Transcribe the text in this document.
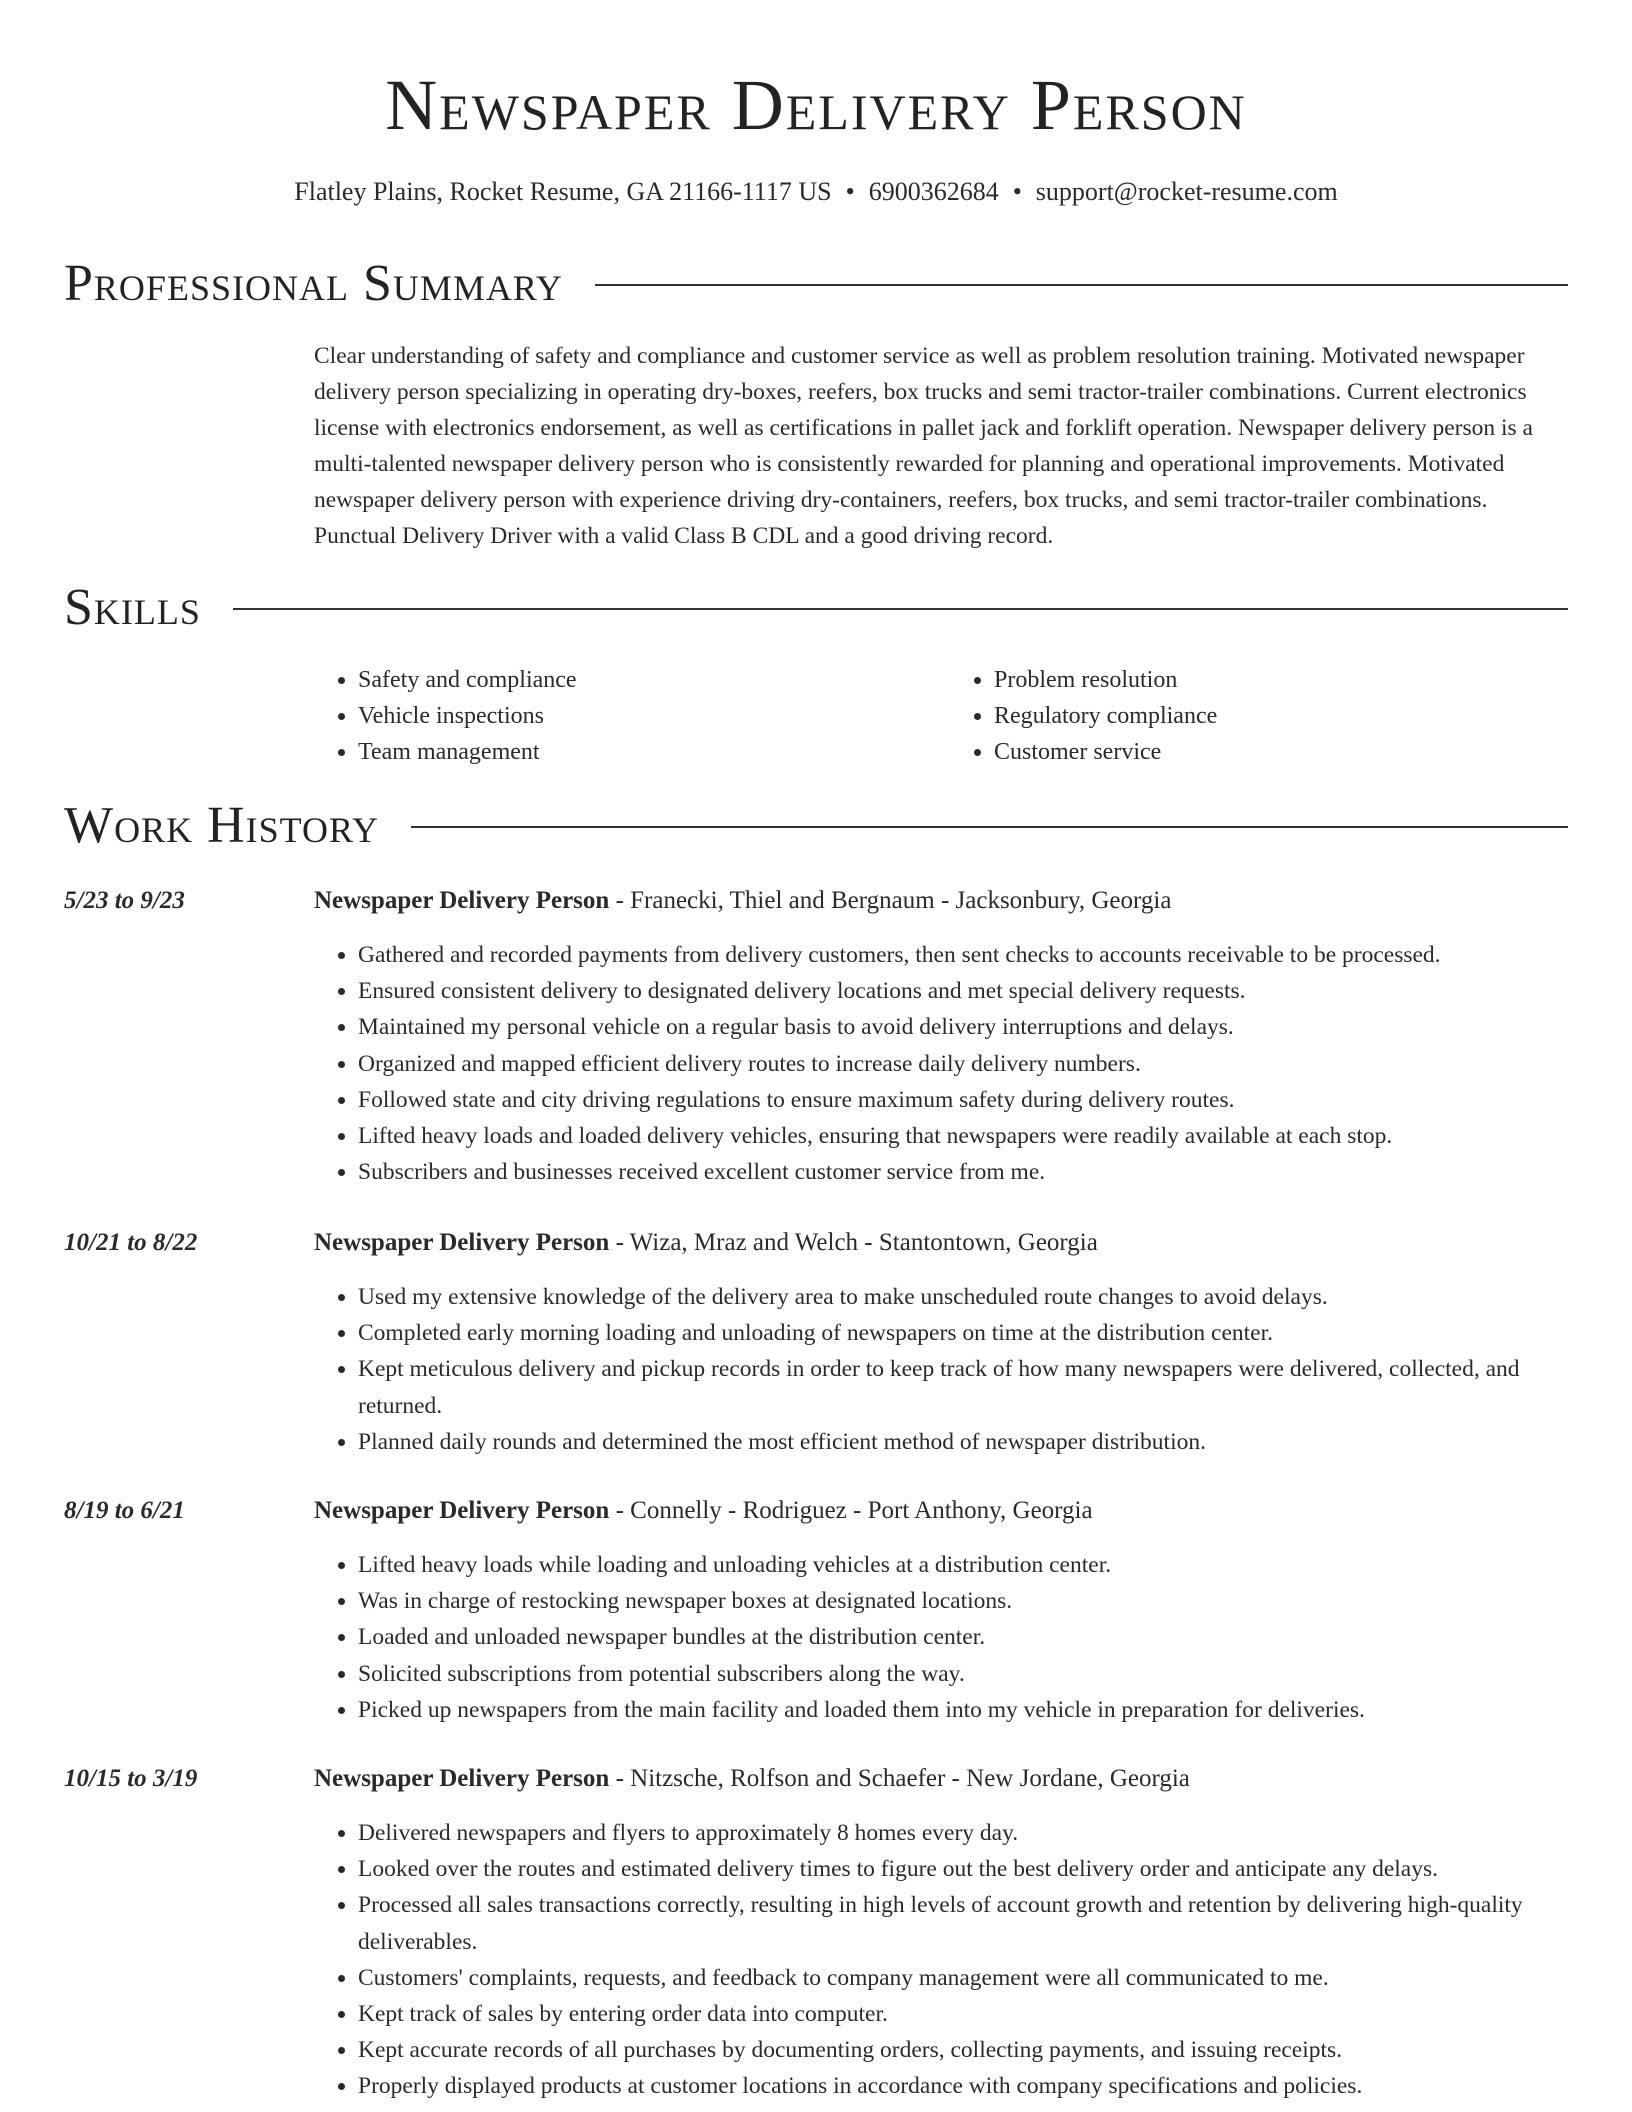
Newspaper Delivery Person
Flatley Plains, Rocket Resume, GA 21166-1117 US • 6900362684 • support@rocket-resume.com
Professional Summary
Clear understanding of safety and compliance and customer service as well as problem resolution training. Motivated newspaper delivery person specializing in operating dry-boxes, reefers, box trucks and semi tractor-trailer combinations. Current electronics license with electronics endorsement, as well as certifications in pallet jack and forklift operation. Newspaper delivery person is a multi-talented newspaper delivery person who is consistently rewarded for planning and operational improvements. Motivated newspaper delivery person with experience driving dry-containers, reefers, box trucks, and semi tractor-trailer combinations. Punctual Delivery Driver with a valid Class B CDL and a good driving record.
Skills
• Safety and compliance
• Vehicle inspections
• Team management
• Problem resolution
• Regulatory compliance
• Customer service
Work History
5/23 to 9/23	Newspaper Delivery Person - Franecki, Thiel and Bergnaum - Jacksonbury, Georgia
• Gathered and recorded payments from delivery customers, then sent checks to accounts receivable to be processed.
• Ensured consistent delivery to designated delivery locations and met special delivery requests.
• Maintained my personal vehicle on a regular basis to avoid delivery interruptions and delays.
• Organized and mapped efficient delivery routes to increase daily delivery numbers.
• Followed state and city driving regulations to ensure maximum safety during delivery routes.
• Lifted heavy loads and loaded delivery vehicles, ensuring that newspapers were readily available at each stop.
• Subscribers and businesses received excellent customer service from me.
10/21 to 8/22	Newspaper Delivery Person - Wiza, Mraz and Welch - Stantontown, Georgia
• Used my extensive knowledge of the delivery area to make unscheduled route changes to avoid delays.
• Completed early morning loading and unloading of newspapers on time at the distribution center.
• Kept meticulous delivery and pickup records in order to keep track of how many newspapers were delivered, collected, and returned.
• Planned daily rounds and determined the most efficient method of newspaper distribution.
8/19 to 6/21	Newspaper Delivery Person - Connelly - Rodriguez - Port Anthony, Georgia
• Lifted heavy loads while loading and unloading vehicles at a distribution center.
• Was in charge of restocking newspaper boxes at designated locations.
• Loaded and unloaded newspaper bundles at the distribution center.
• Solicited subscriptions from potential subscribers along the way.
• Picked up newspapers from the main facility and loaded them into my vehicle in preparation for deliveries.
10/15 to 3/19	Newspaper Delivery Person - Nitzsche, Rolfson and Schaefer - New Jordane, Georgia
• Delivered newspapers and flyers to approximately 8 homes every day.
• Looked over the routes and estimated delivery times to figure out the best delivery order and anticipate any delays.
• Processed all sales transactions correctly, resulting in high levels of account growth and retention by delivering high-quality deliverables.
• Customers' complaints, requests, and feedback to company management were all communicated to me.
• Kept track of sales by entering order data into computer.
• Kept accurate records of all purchases by documenting orders, collecting payments, and issuing receipts.
• Properly displayed products at customer locations in accordance with company specifications and policies.
